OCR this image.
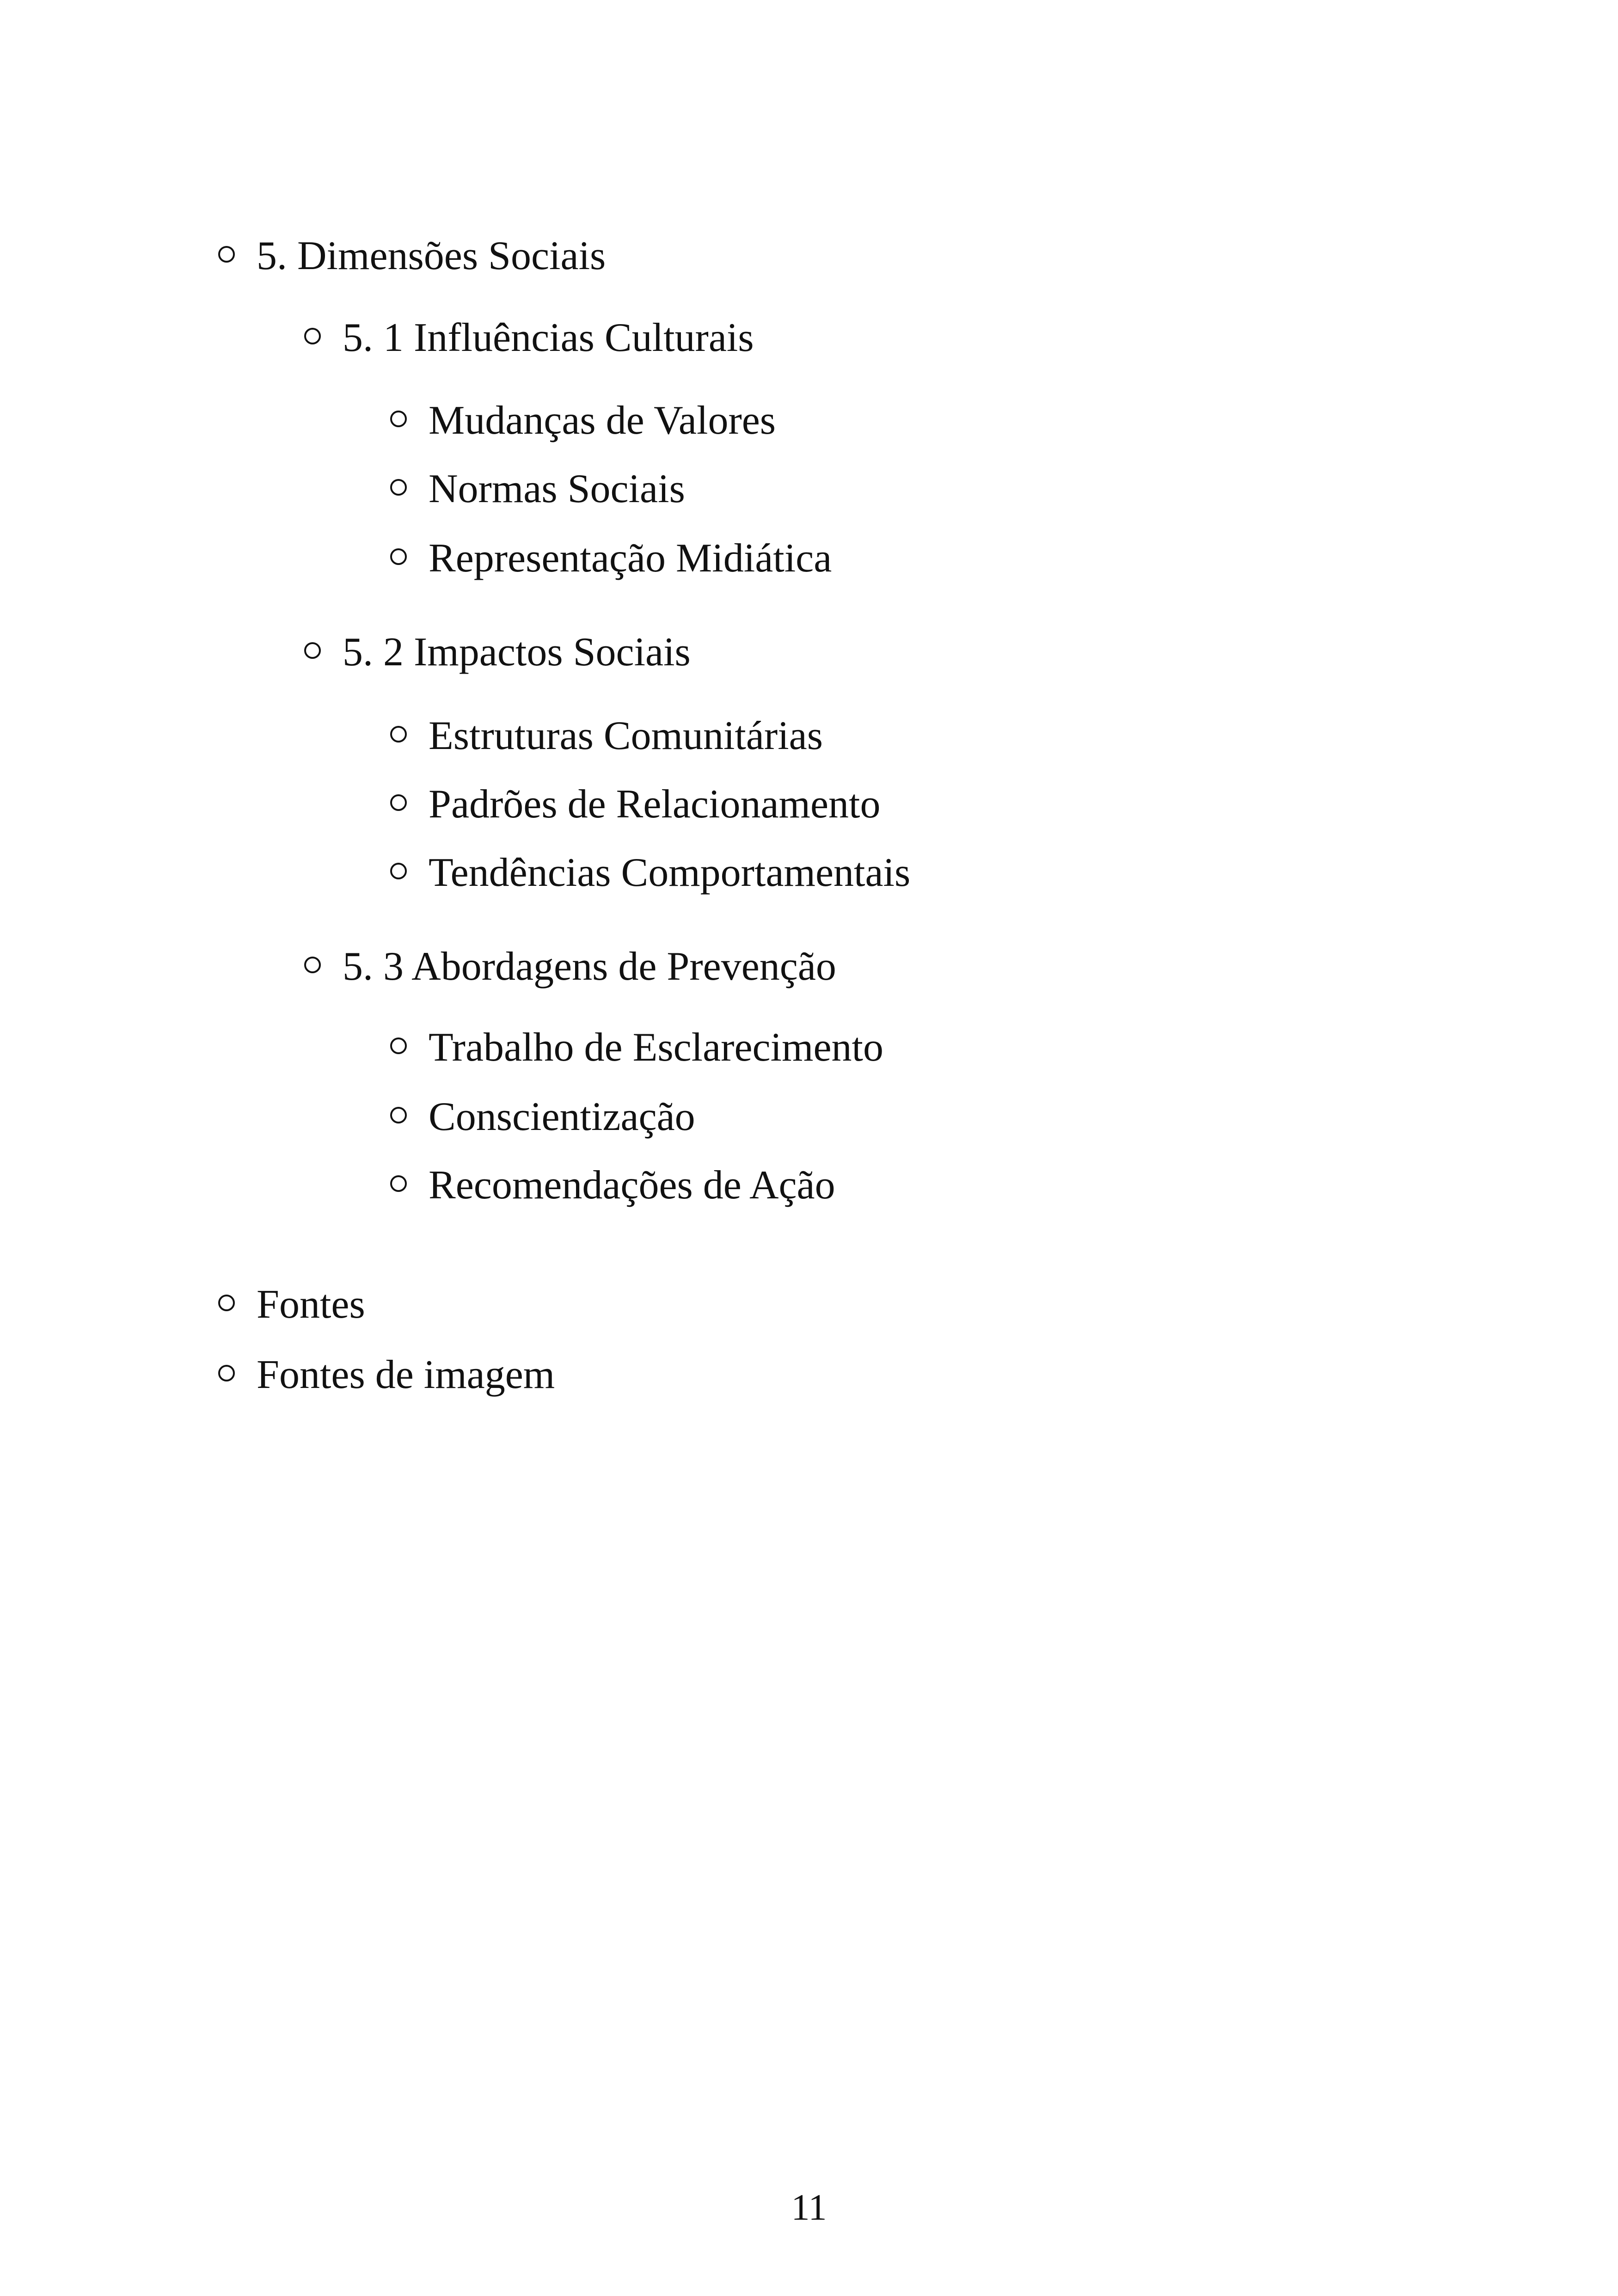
5. Dimensões Sociais
5. 1 Influências Culturais
Mudanças de Valores
Normas Sociais
Representação Midiática
5. 2 Impactos Sociais
Estruturas Comunitárias
Padrões de Relacionamento
Tendências Comportamentais
5. 3 Abordagens de Prevenção
Trabalho de Esclarecimento
Conscientização
Recomendações de Ação
Fontes
Fontes de imagem
11
